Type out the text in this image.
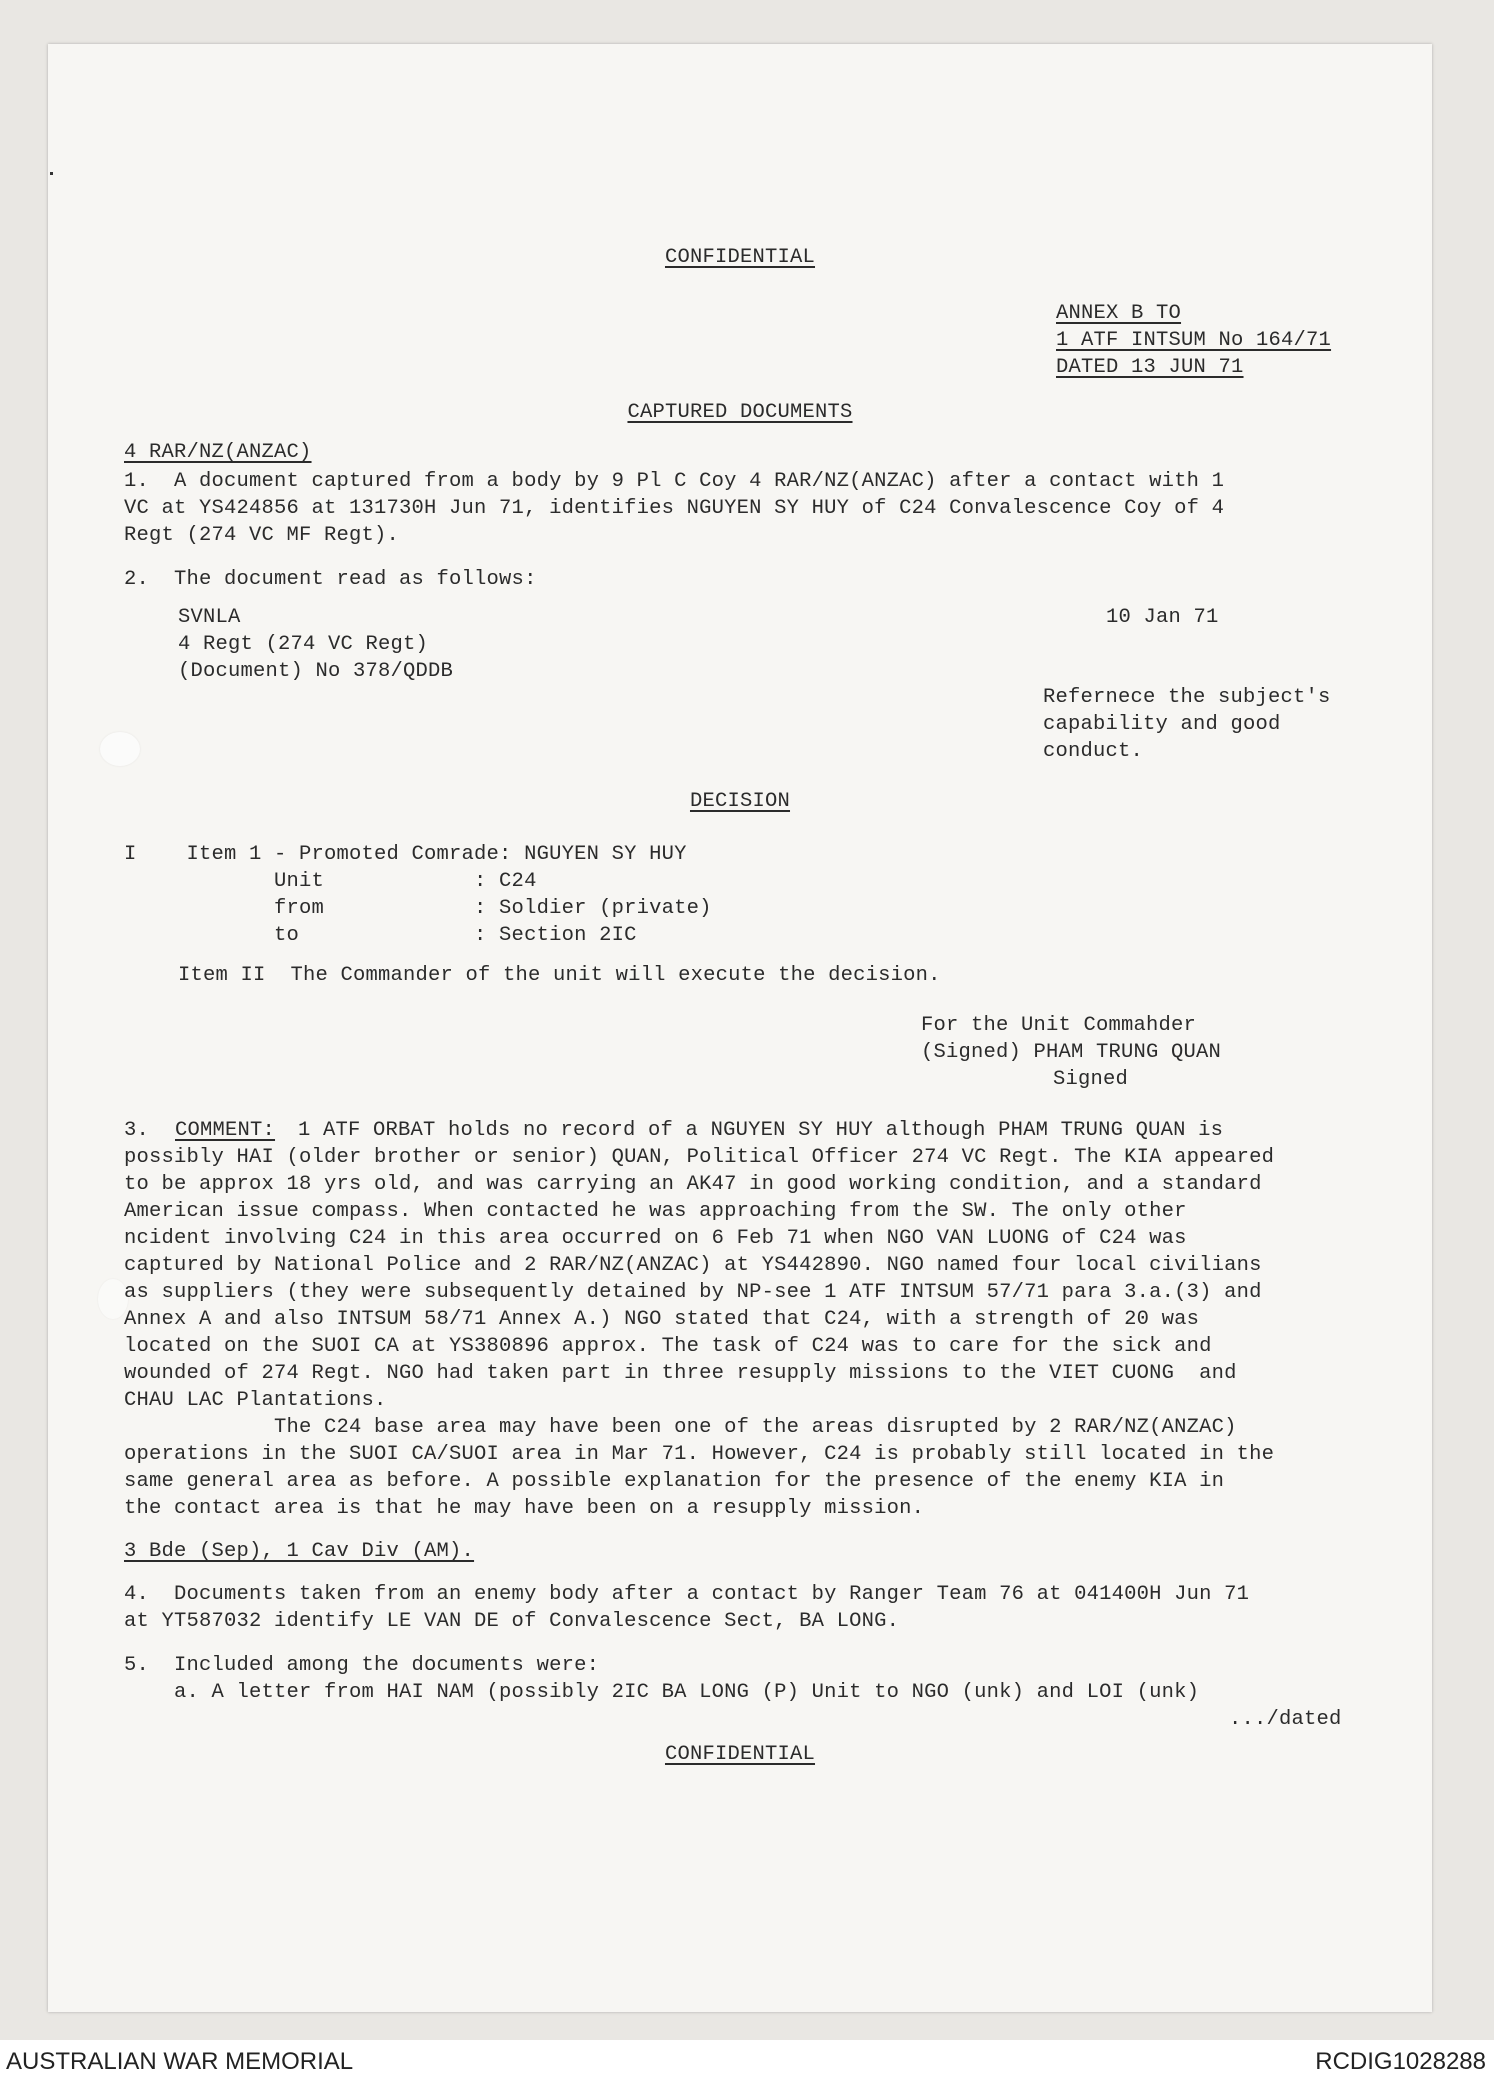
CONFIDENTIAL
ANNEX B TO
1 ATF INTSUM No 164/71
DATED 13 JUN 71
CAPTURED DOCUMENTS
4 RAR/NZ(ANZAC)
1.  A document captured from a body by 9 Pl C Coy 4 RAR/NZ(ANZAC) after a contact with 1
VC at YS424856 at 131730H Jun 71, identifies NGUYEN SY HUY of C24 Convalescence Coy of 4
Regt (274 VC MF Regt).
2.  The document read as follows:
SVNLA
4 Regt (274 VC Regt)
(Document) No 378/QDDB
10 Jan 71
Refernece the subject's
capability and good
conduct.
DECISION
I    Item 1 - Promoted Comrade: NGUYEN SY HUY
Unit            : C24
from            : Soldier (private)
to              : Section 2IC
Item II  The Commander of the unit will execute the decision.
For the Unit Commahder
(Signed) PHAM TRUNG QUAN
Signed
3. COMMENT: 1 ATF ORBAT holds no record of a NGUYEN SY HUY although PHAM TRUNG QUAN is
possibly HAI (older brother or senior) QUAN, Political Officer 274 VC Regt. The KIA appeared
to be approx 18 yrs old, and was carrying an AK47 in good working condition, and a standard
American issue compass. When contacted he was approaching from the SW. The only other
ncident involving C24 in this area occurred on 6 Feb 71 when NGO VAN LUONG of C24 was
captured by National Police and 2 RAR/NZ(ANZAC) at YS442890. NGO named four local civilians
as suppliers (they were subsequently detained by NP-see 1 ATF INTSUM 57/71 para 3.a.(3) and
Annex A and also INTSUM 58/71 Annex A.) NGO stated that C24, with a strength of 20 was
located on the SUOI CA at YS380896 approx. The task of C24 was to care for the sick and
wounded of 274 Regt. NGO had taken part in three resupply missions to the VIET CUONG  and
CHAU LAC Plantations.
The C24 base area may have been one of the areas disrupted by 2 RAR/NZ(ANZAC)
operations in the SUOI CA/SUOI area in Mar 71. However, C24 is probably still located in the
same general area as before. A possible explanation for the presence of the enemy KIA in
the contact area is that he may have been on a resupply mission.
3 Bde (Sep), 1 Cav Div (AM).
4.  Documents taken from an enemy body after a contact by Ranger Team 76 at 041400H Jun 71
at YT587032 identify LE VAN DE of Convalescence Sect, BA LONG.
5.  Included among the documents were:
a. A letter from HAI NAM (possibly 2IC BA LONG (P) Unit to NGO (unk) and LOI (unk)
.../dated
CONFIDENTIAL
AUSTRALIAN WAR MEMORIAL	RCDIG1028288
